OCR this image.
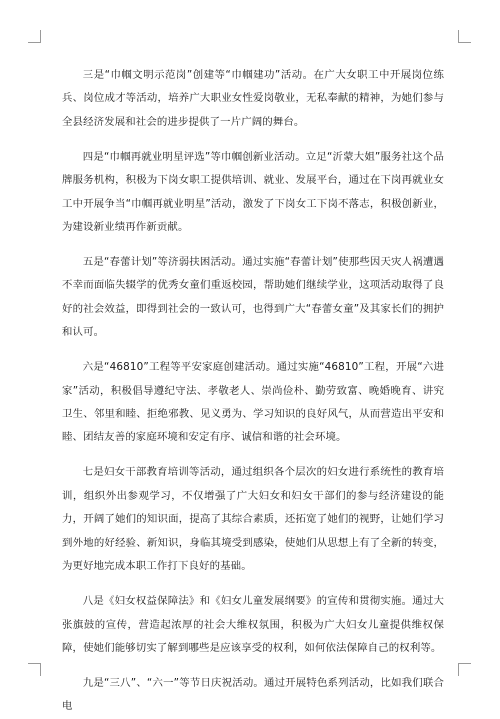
三是“巾帼文明示范岗”创建等“巾帼建功”活动。在广大女职工中开展岗位练兵、岗位成才等活动，培养广大职业女性爱岗敬业，无私奉献的精神，为她们参与全县经济发展和社会的进步提供了一片广阔的舞台。

四是“巾帼再就业明星评选”等巾帼创新业活动。立足“沂蒙大姐”服务社这个品牌服务机构，积极为下岗女职工提供培训、就业、发展平台，通过在下岗再就业女工中开展争当“巾帼再就业明星”活动，激发了下岗女工下岗不落志，积极创新业，为建设新业绩再作新贡献。

五是“春蕾计划”等济弱扶困活动。通过实施“春蕾计划”使那些因天灾人祸遭遇不幸而面临失辍学的优秀女童们重返校园，帮助她们继续学业，这项活动取得了良好的社会效益，即得到社会的一致认可，也得到广大“春蕾女童”及其家长们的拥护和认可。

六是“46810”工程等平安家庭创建活动。通过实施“46810”工程，开展“六进家”活动，积极倡导遵纪守法、孝敬老人、崇尚俭朴、勤劳致富、晚婚晚育、讲究卫生、邻里和睦、拒绝邪教、见义勇为、学习知识的良好风气，从而营造出平安和睦、团结友善的家庭环境和安定有序、诚信和谐的社会环境。

七是妇女干部教育培训等活动，通过组织各个层次的妇女进行系统性的教育培训，组织外出参观学习，不仅增强了广大妇女和妇女干部们的参与经济建设的能力，开阔了她们的知识面，提高了其综合素质，还拓宽了她们的视野，让她们学习到外地的好经验、新知识，身临其境受到感染，使她们从思想上有了全新的转变，为更好地完成本职工作打下良好的基础。

八是《妇女权益保障法》和《妇女儿童发展纲要》的宣传和贯彻实施。通过大张旗鼓的宣传，营造起浓厚的社会大维权氛围，积极为广大妇女儿童提供维权保障，使她们能够切实了解到哪些是应该享受的权利，如何依法保障自己的权利等。

九是“三八”、“六一”等节日庆祝活动。通过开展特色系列活动，比如我们联合电
